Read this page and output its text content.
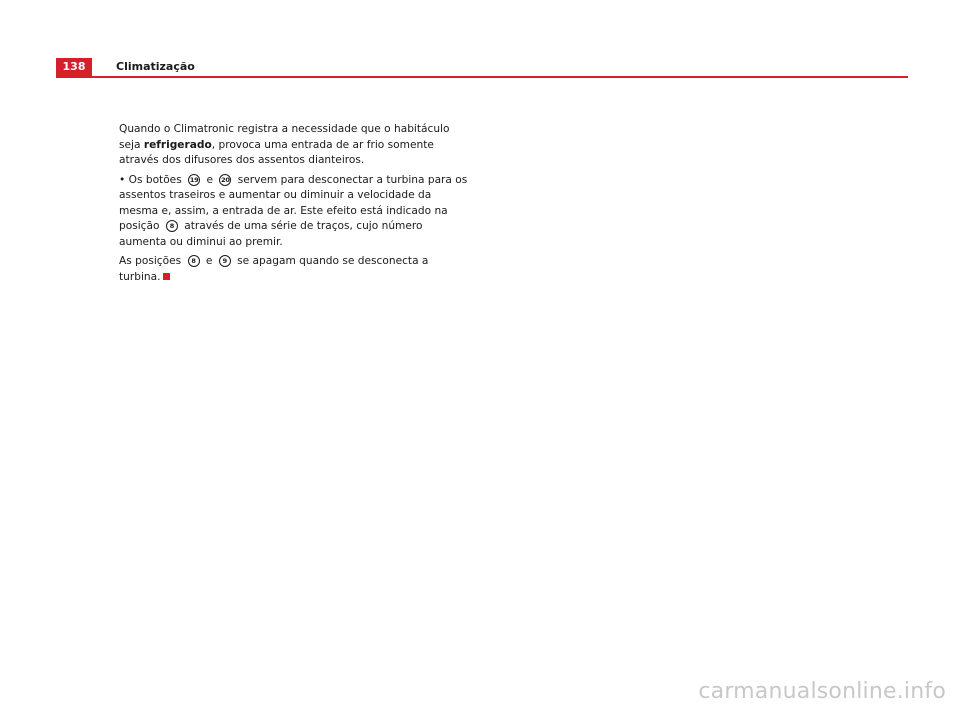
138	Climatização

Quando o Climatronic registra a necessidade que o habitáculo seja refrigerado, provoca uma entrada de ar frio somente através dos difusores dos assentos dianteiros.

• Os botões 19 e 20 servem para desconectar a turbina para os assentos traseiros e aumentar ou diminuir a velocidade da mesma e, assim, a entrada de ar. Este efeito está indicado na posição 8 através de uma série de traços, cujo número aumenta ou diminui ao premir.

As posições 8 e 9 se apagam quando se desconecta a turbina.

carmanualsonline.info
